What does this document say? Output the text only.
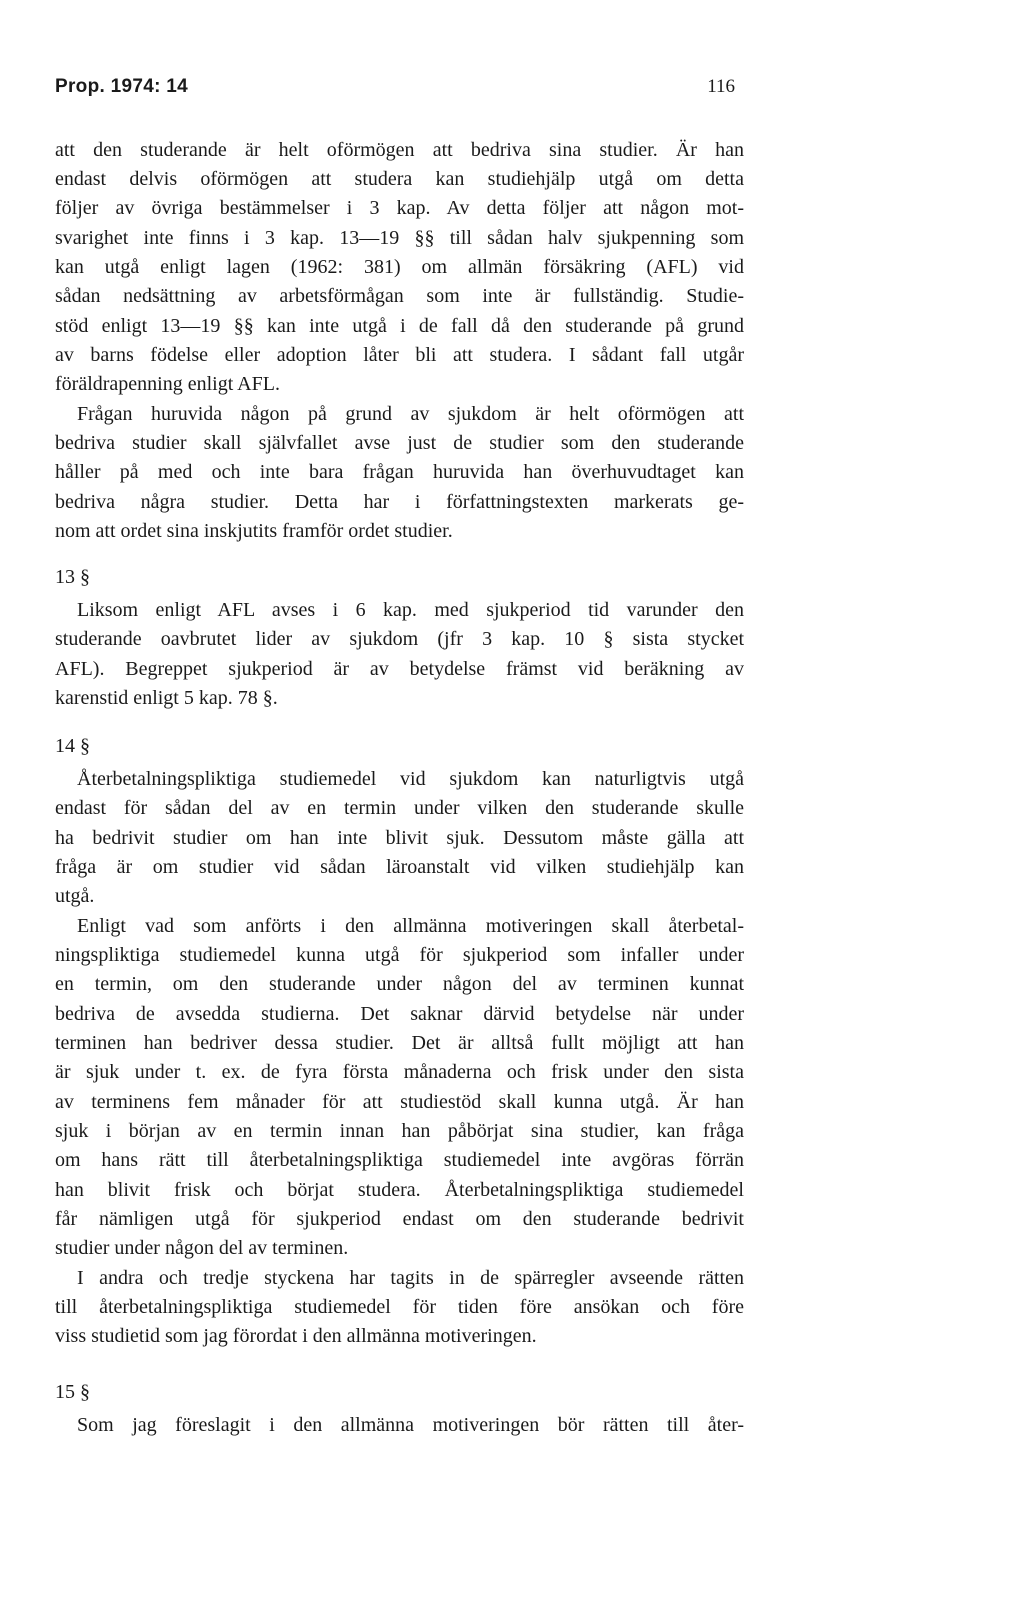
Prop. 1974: 14	116
att den studerande är helt oförmögen att bedriva sina studier. Är han
endast delvis oförmögen att studera kan studiehjälp utgå om detta
följer av övriga bestämmelser i 3 kap. Av detta följer att någon mot-
svarighet inte finns i 3 kap. 13—19 §§ till sådan halv sjukpenning som
kan utgå enligt lagen (1962: 381) om allmän försäkring (AFL) vid
sådan nedsättning av arbetsförmågan som inte är fullständig. Studie-
stöd enligt 13—19 §§ kan inte utgå i de fall då den studerande på grund
av barns födelse eller adoption låter bli att studera. I sådant fall utgår
föräldrapenning enligt AFL.
Frågan huruvida någon på grund av sjukdom är helt oförmögen att
bedriva studier skall självfallet avse just de studier som den studerande
håller på med och inte bara frågan huruvida han överhuvudtaget kan
bedriva några studier. Detta har i författningstexten markerats ge-
nom att ordet sina inskjutits framför ordet studier.
13 §
Liksom enligt AFL avses i 6 kap. med sjukperiod tid varunder den
studerande oavbrutet lider av sjukdom (jfr 3 kap. 10 § sista stycket
AFL). Begreppet sjukperiod är av betydelse främst vid beräkning av
karenstid enligt 5 kap. 78 §.
14 §
Återbetalningspliktiga studiemedel vid sjukdom kan naturligtvis utgå
endast för sådan del av en termin under vilken den studerande skulle
ha bedrivit studier om han inte blivit sjuk. Dessutom måste gälla att
fråga är om studier vid sådan läroanstalt vid vilken studiehjälp kan
utgå.
Enligt vad som anförts i den allmänna motiveringen skall återbetal-
ningspliktiga studiemedel kunna utgå för sjukperiod som infaller under
en termin, om den studerande under någon del av terminen kunnat
bedriva de avsedda studierna. Det saknar därvid betydelse när under
terminen han bedriver dessa studier. Det är alltså fullt möjligt att han
är sjuk under t. ex. de fyra första månaderna och frisk under den sista
av terminens fem månader för att studiestöd skall kunna utgå. Är han
sjuk i början av en termin innan han påbörjat sina studier, kan fråga
om hans rätt till återbetalningspliktiga studiemedel inte avgöras förrän
han blivit frisk och börjat studera. Återbetalningspliktiga studiemedel
får nämligen utgå för sjukperiod endast om den studerande bedrivit
studier under någon del av terminen.
I andra och tredje styckena har tagits in de spärregler avseende rätten
till återbetalningspliktiga studiemedel för tiden före ansökan och före
viss studietid som jag förordat i den allmänna motiveringen.
15 §
Som jag föreslagit i den allmänna motiveringen bör rätten till åter-
